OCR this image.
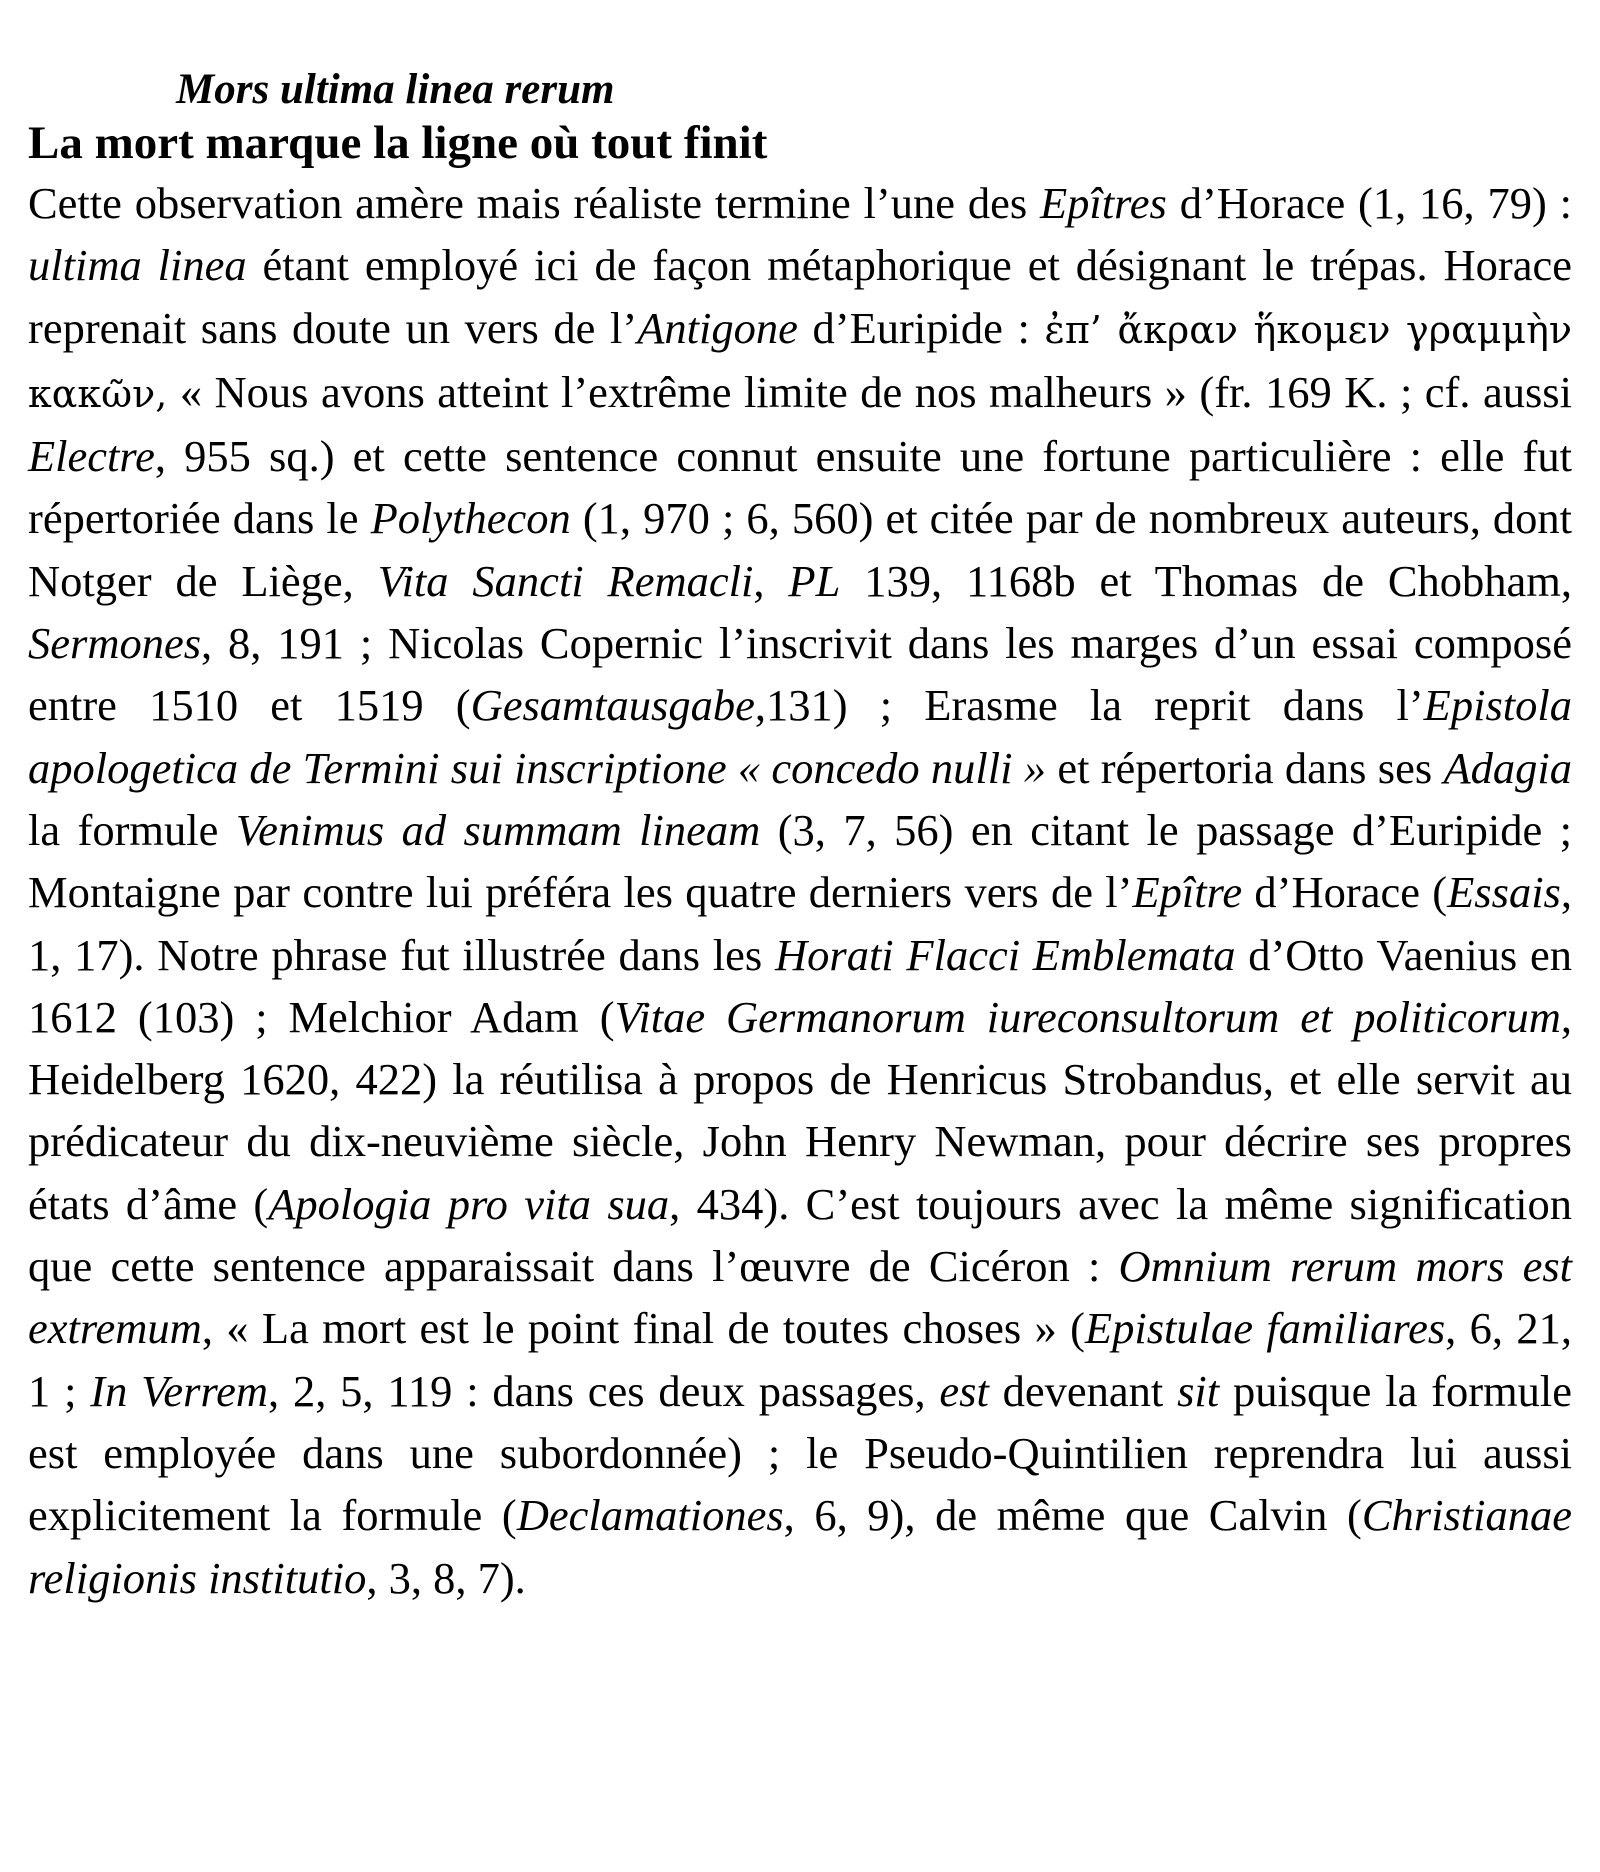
Mors ultima linea rerum
La mort marque la ligne où tout finit

Cette observation amère mais réaliste termine l’une des Epîtres d’Horace (1, 16, 79) : ultima linea étant employé ici de façon métaphorique et désignant le trépas. Horace reprenait sans doute un vers de l’Antigone d’Euripide : ἐπ’ ἄκραν ἥκομεν γραμμὴν κακῶν, « Nous avons atteint l’extrême limite de nos malheurs » (fr. 169 K. ; cf. aussi Electre, 955 sq.) et cette sentence connut ensuite une fortune particulière : elle fut répertoriée dans le Polythecon (1, 970 ; 6, 560) et citée par de nombreux auteurs, dont Notger de Liège, Vita Sancti Remacli, PL 139, 1168b et Thomas de Chobham, Sermones, 8, 191 ; Nicolas Copernic l’inscrivit dans les marges d’un essai composé entre 1510 et 1519 (Gesamtausgabe,131) ; Erasme la reprit dans l’Epistola apologetica de Termini sui inscriptione « concedo nulli » et répertoria dans ses Adagia la formule Venimus ad summam lineam (3, 7, 56) en citant le passage d’Euripide ; Montaigne par contre lui préféra les quatre derniers vers de l’Epître d’Horace (Essais, 1, 17). Notre phrase fut illustrée dans les Horati Flacci Emblemata d’Otto Vaenius en 1612 (103) ; Melchior Adam (Vitae Germanorum iureconsultorum et politicorum, Heidelberg 1620, 422) la réutilisa à propos de Henricus Strobandus, et elle servit au prédicateur du dix-neuvième siècle, John Henry Newman, pour décrire ses propres états d’âme (Apologia pro vita sua, 434). C’est toujours avec la même signification que cette sentence apparaissait dans l’œuvre de Cicéron : Omnium rerum mors est extremum, « La mort est le point final de toutes choses » (Epistulae familiares, 6, 21, 1 ; In Verrem, 2, 5, 119 : dans ces deux passages, est devenant sit puisque la formule est employée dans une subordonnée) ; le Pseudo-Quintilien reprendra lui aussi explicitement la formule (Declamationes, 6, 9), de même que Calvin (Christianae religionis institutio, 3, 8, 7).
